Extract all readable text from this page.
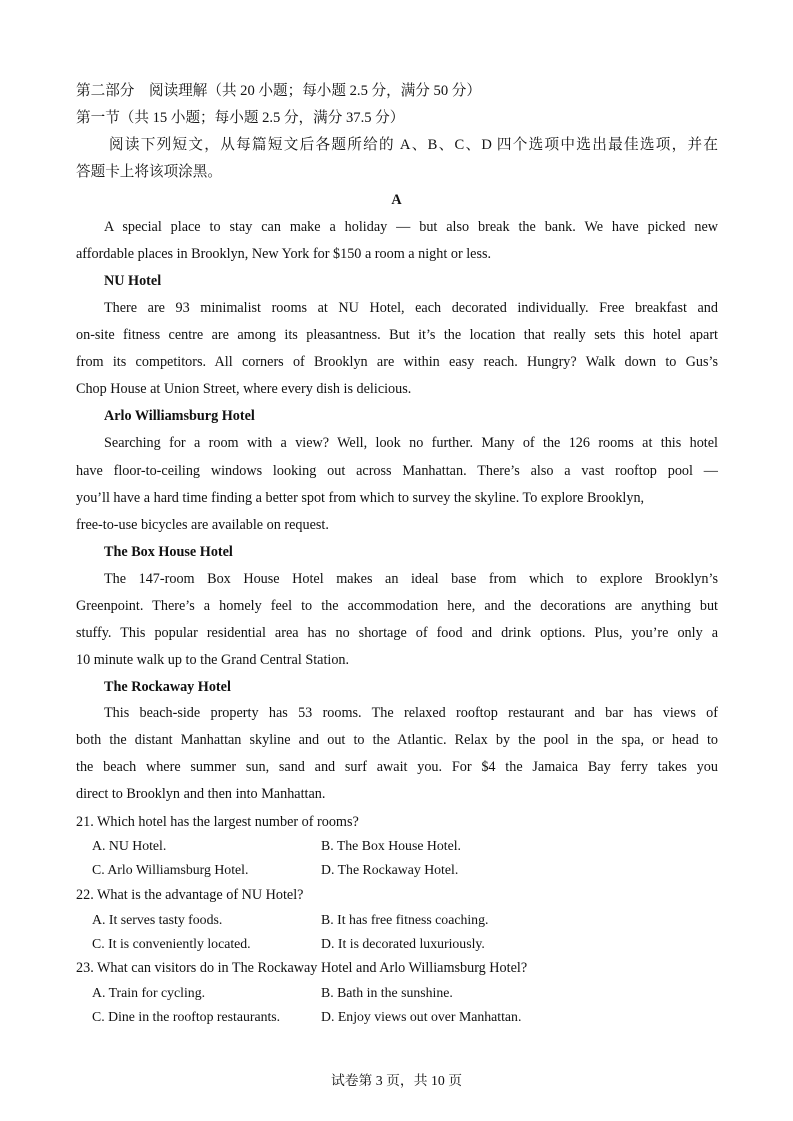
第二部分　阅读理解（共 20 小题；每小题 2.5 分，满分 50 分）
第一节（共 15 小题；每小题 2.5 分，满分 37.5 分）
阅读下列短文，从每篇短文后各题所给的 A、B、C、D 四个选项中选出最佳选项，并在
答题卡上将该项涂黑。
A
A special place to stay can make a holiday — but also break the bank. We have picked new
affordable places in Brooklyn, New York for $150 a room a night or less.
NU Hotel
There are 93 minimalist rooms at NU Hotel, each decorated individually. Free breakfast and
on-site fitness centre are among its pleasantness. But it’s the location that really sets this hotel apart
from its competitors. All corners of Brooklyn are within easy reach. Hungry? Walk down to Gus’s
Chop House at Union Street, where every dish is delicious.
Arlo Williamsburg Hotel
Searching for a room with a view? Well, look no further. Many of the 126 rooms at this hotel
have floor-to-ceiling windows looking out across Manhattan. There’s also a vast rooftop pool —
you’ll have a hard time finding a better spot from which to survey the skyline. To explore Brooklyn,
free-to-use bicycles are available on request.
The Box House Hotel
The 147-room Box House Hotel makes an ideal base from which to explore Brooklyn’s
Greenpoint. There’s a homely feel to the accommodation here, and the decorations are anything but
stuffy. This popular residential area has no shortage of food and drink options. Plus, you’re only a
10 minute walk up to the Grand Central Station.
The Rockaway Hotel
This beach-side property has 53 rooms. The relaxed rooftop restaurant and bar has views of
both the distant Manhattan skyline and out to the Atlantic. Relax by the pool in the spa, or head to
the beach where summer sun, sand and surf await you. For $4 the Jamaica Bay ferry takes you
direct to Brooklyn and then into Manhattan.
21. Which hotel has the largest number of rooms?
A. NU Hotel.	B. The Box House Hotel.
C. Arlo Williamsburg Hotel.	D. The Rockaway Hotel.
22. What is the advantage of NU Hotel?
A. It serves tasty foods.	B. It has free fitness coaching.
C. It is conveniently located.	D. It is decorated luxuriously.
23. What can visitors do in The Rockaway Hotel and Arlo Williamsburg Hotel?
A. Train for cycling.	B. Bath in the sunshine.
C. Dine in the rooftop restaurants.	D. Enjoy views out over Manhattan.
试卷第 3 页，共 10 页
